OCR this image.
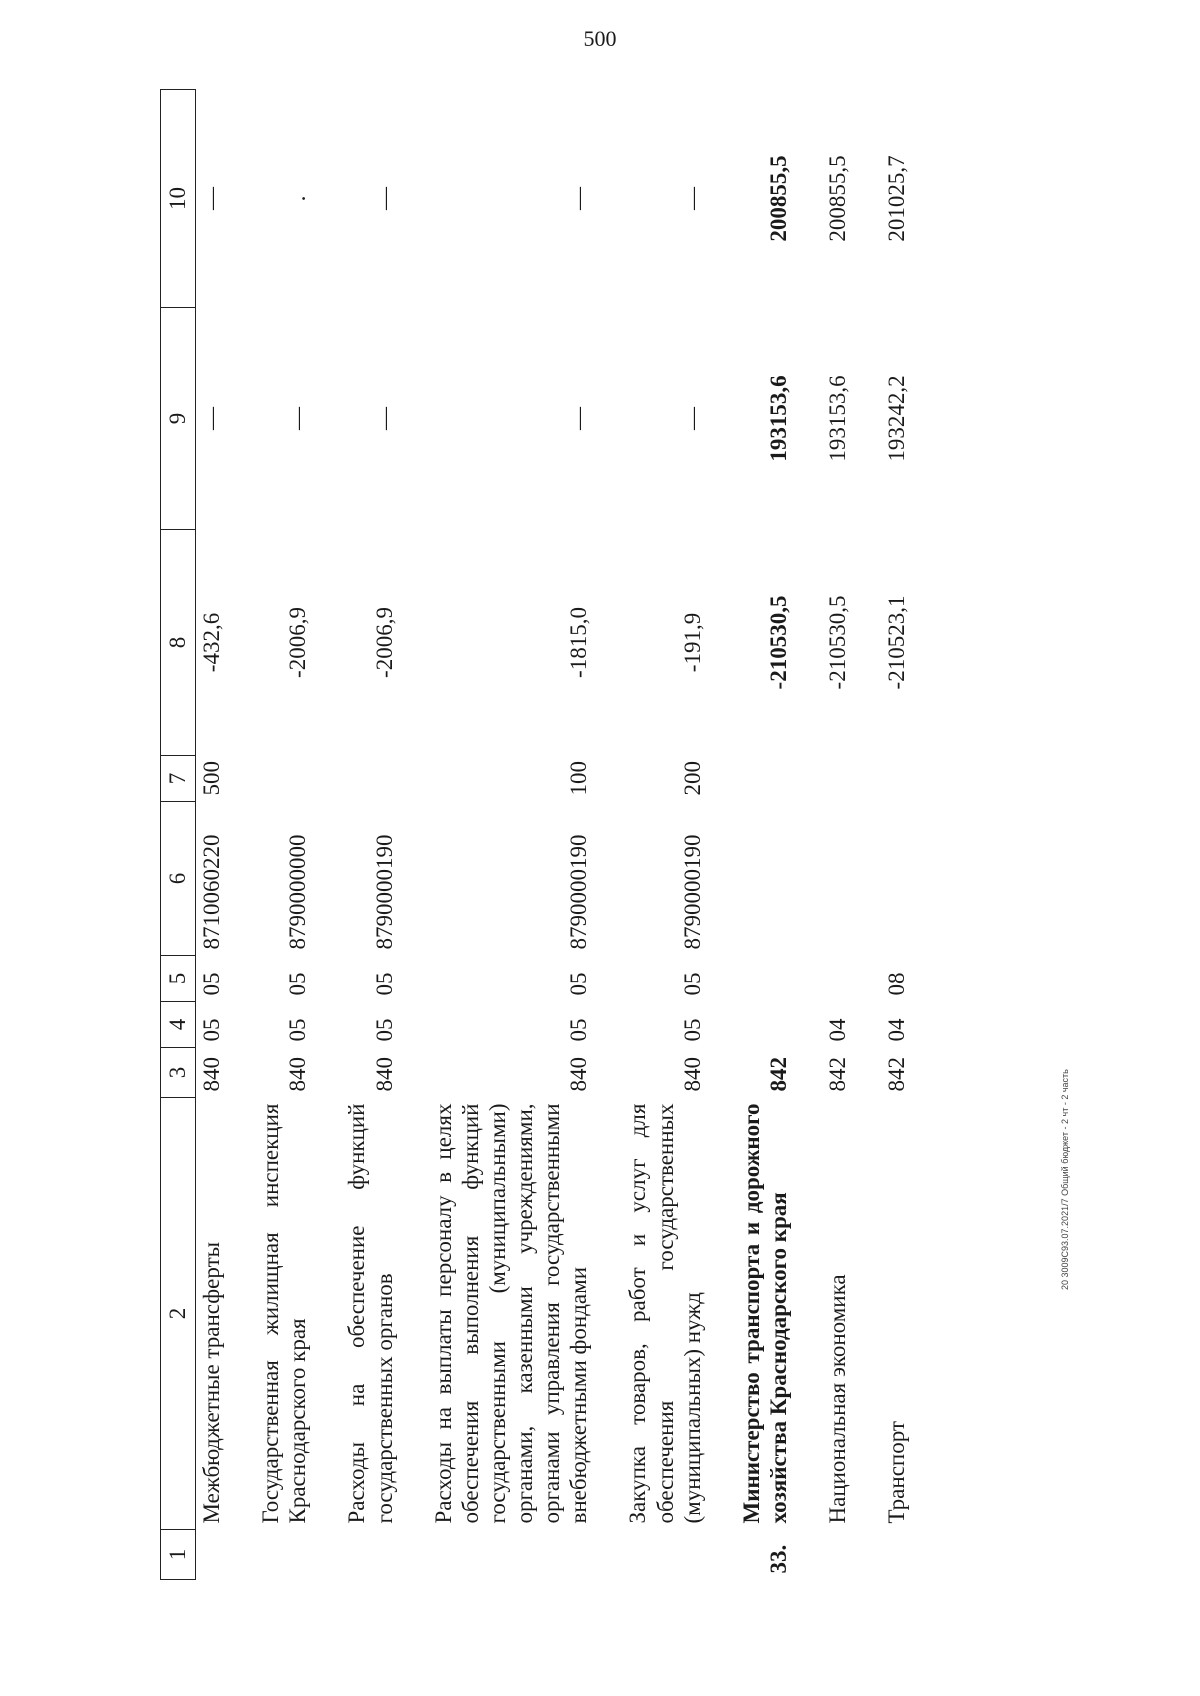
500
1	2	3	4	5	6	7	8	9	10
	Межбюджетные трансферты	840	05	05	8710060220	500	-432,6	—	—
	Государственная жилищная инспекция Краснодарского края	840	05	05	8790000000		-2006,9	—	.
	Расходы на обеспечение функций государственных органов	840	05	05	8790000190		-2006,9	—	—
	Расходы на выплаты персоналу в целях обеспечения выполнения функций государственными (муниципальными) органами, казенными учреждениями, органами управления государственными внебюджетными фондами	840	05	05	8790000190	100	-1815,0	—	—
	Закупка товаров, работ и услуг для обеспечения государственных (муниципальных) нужд	840	05	05	8790000190	200	-191,9	—	—
33.	Министерство транспорта и дорожного хозяйства Краснодарского края	842					-210530,5	193153,6	200855,5
	Национальная экономика	842	04				-210530,5	193153,6	200855,5
	Транспорт	842	04	08			-210523,1	193242,2	201025,7
20 3009С93.07.2021/7 Общий бюджет - 2 чт - 2 часть
